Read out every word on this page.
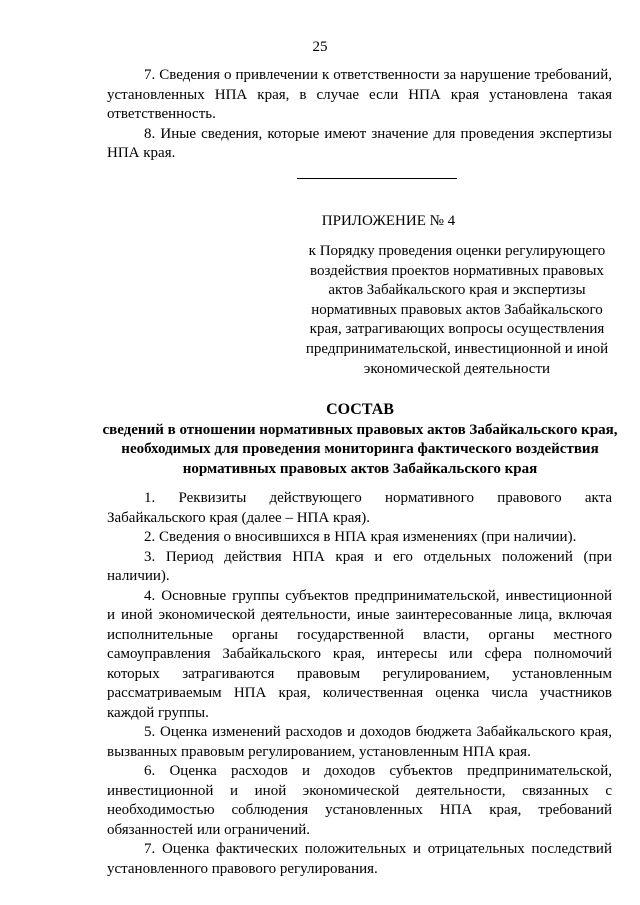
25

7. Сведения о привлечении к ответственности за нарушение требований, установленных НПА края, в случае если НПА края установлена такая ответственность.

8. Иные сведения, которые имеют значение для проведения экспертизы НПА края.

ПРИЛОЖЕНИЕ № 4
к Порядку проведения оценки регулирующего воздействия проектов нормативных правовых актов Забайкальского края и экспертизы нормативных правовых актов Забайкальского края, затрагивающих вопросы осуществления предпринимательской, инвестиционной и иной экономической деятельности
СОСТАВ
сведений в отношении нормативных правовых актов Забайкальского края, необходимых для проведения мониторинга фактического воздействия нормативных правовых актов Забайкальского края

1. Реквизиты действующего нормативного правового акта Забайкальского края (далее – НПА края).

2. Сведения о вносившихся в НПА края изменениях (при наличии).

3. Период действия НПА края и его отдельных положений (при наличии).

4. Основные группы субъектов предпринимательской, инвестиционной и иной экономической деятельности, иные заинтересованные лица, включая исполнительные органы государственной власти, органы местного самоуправления Забайкальского края, интересы или сфера полномочий которых затрагиваются правовым регулированием, установленным рассматриваемым НПА края, количественная оценка числа участников каждой группы.

5. Оценка изменений расходов и доходов бюджета Забайкальского края, вызванных правовым регулированием, установленным НПА края.

6. Оценка расходов и доходов субъектов предпринимательской, инвестиционной и иной экономической деятельности, связанных с необходимостью соблюдения установленных НПА края, требований обязанностей или ограничений.

7. Оценка фактических положительных и отрицательных последствий установленного правового регулирования.
